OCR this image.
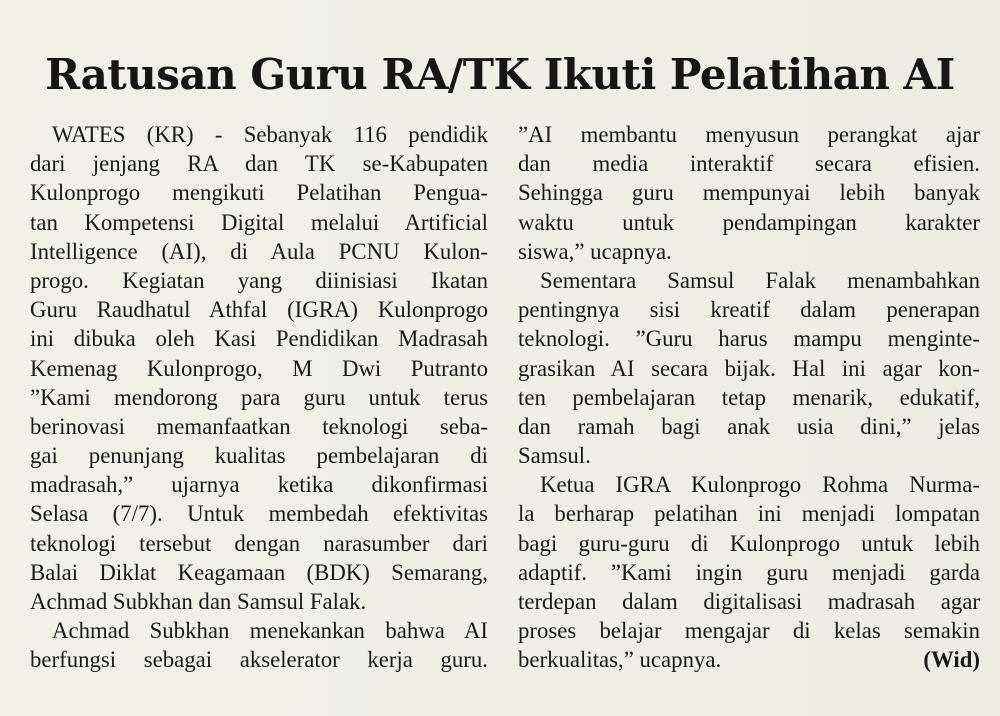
Ratusan Guru RA/TK Ikuti Pelatihan AI
WATES (KR) - Sebanyak 116 pendidik
dari jenjang RA dan TK se-Kabupaten
Kulonprogo mengikuti Pelatihan Pengua-
tan Kompetensi Digital melalui Artificial
Intelligence (AI), di Aula PCNU Kulon-
progo. Kegiatan yang diinisiasi Ikatan
Guru Raudhatul Athfal (IGRA) Kulonprogo
ini dibuka oleh Kasi Pendidikan Madrasah
Kemenag Kulonprogo, M Dwi Putranto
”Kami mendorong para guru untuk terus
berinovasi memanfaatkan teknologi seba-
gai penunjang kualitas pembelajaran di
madrasah,” ujarnya ketika dikonfirmasi
Selasa (7/7). Untuk membedah efektivitas
teknologi tersebut dengan narasumber dari
Balai Diklat Keagamaan (BDK) Semarang,
Achmad Subkhan dan Samsul Falak.
Achmad Subkhan menekankan bahwa AI
berfungsi sebagai akselerator kerja guru.
”AI membantu menyusun perangkat ajar
dan media interaktif secara efisien.
Sehingga guru mempunyai lebih banyak
waktu untuk pendampingan karakter
siswa,” ucapnya.
Sementara Samsul Falak menambahkan
pentingnya sisi kreatif dalam penerapan
teknologi. ”Guru harus mampu menginte-
grasikan AI secara bijak. Hal ini agar kon-
ten pembelajaran tetap menarik, edukatif,
dan ramah bagi anak usia dini,” jelas
Samsul.
Ketua IGRA Kulonprogo Rohma Nurma-
la berharap pelatihan ini menjadi lompatan
bagi guru-guru di Kulonprogo untuk lebih
adaptif. ”Kami ingin guru menjadi garda
terdepan dalam digitalisasi madrasah agar
proses belajar mengajar di kelas semakin
berkualitas,” ucapnya.	(Wid)
